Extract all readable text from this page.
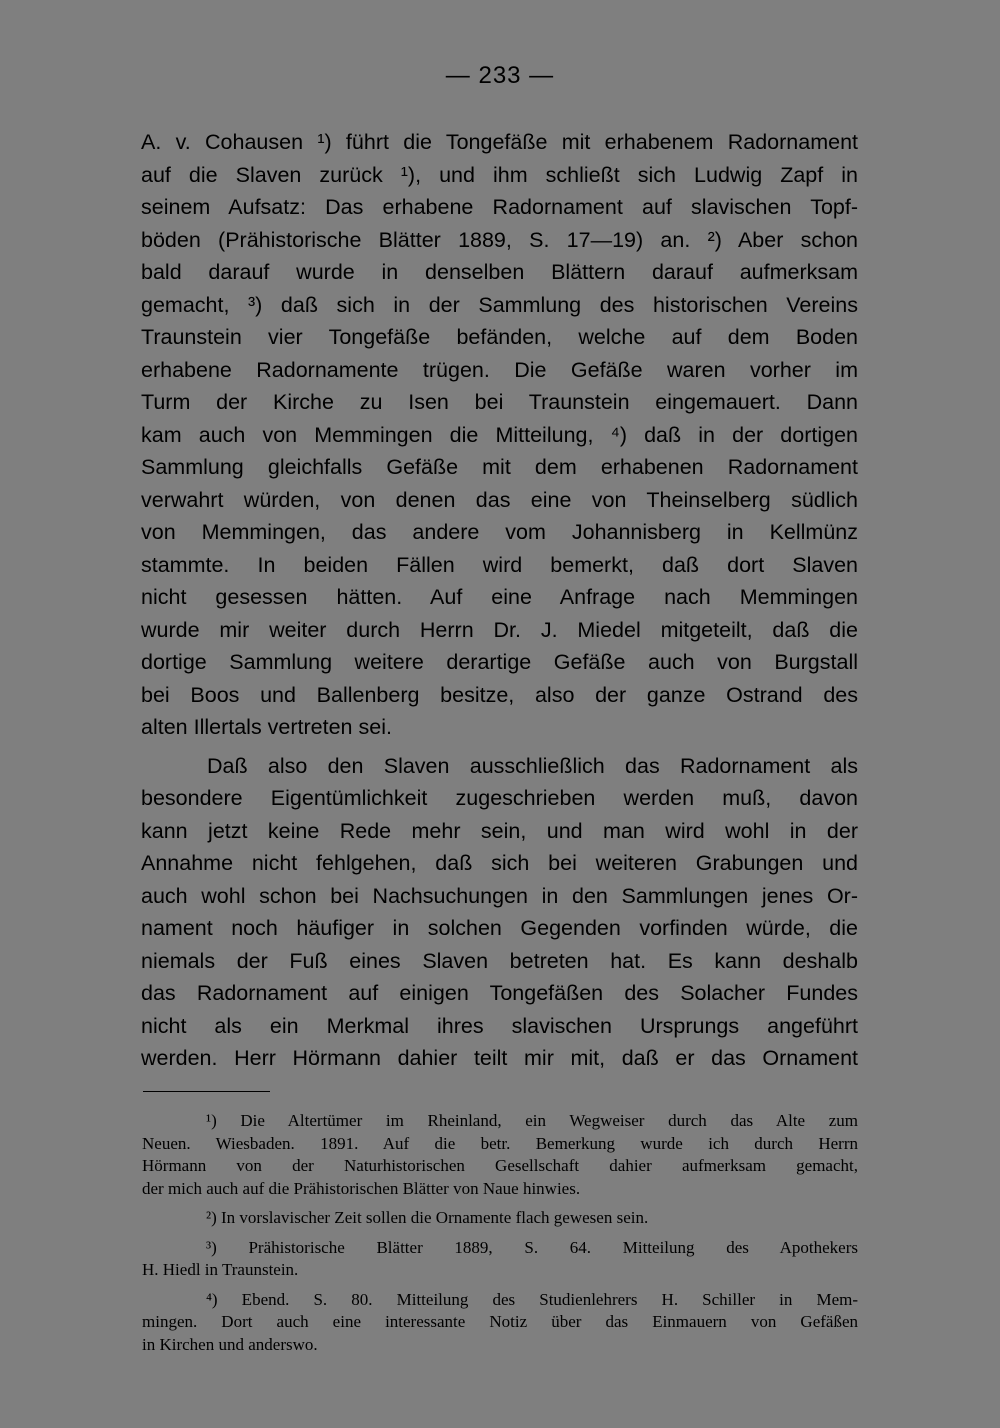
— 233 —
A. v. Cohausen ¹) führt die Tongefäße mit erhabenem Radornament
auf die Slaven zurück ¹), und ihm schließt sich Ludwig Zapf in
seinem Aufsatz: Das erhabene Radornament auf slavischen Topf-
böden (Prähistorische Blätter 1889, S. 17—19) an. ²) Aber schon
bald darauf wurde in denselben Blättern darauf aufmerksam
gemacht, ³) daß sich in der Sammlung des historischen Vereins
Traunstein vier Tongefäße befänden, welche auf dem Boden
erhabene Radornamente trügen. Die Gefäße waren vorher im
Turm der Kirche zu Isen bei Traunstein eingemauert. Dann
kam auch von Memmingen die Mitteilung, ⁴) daß in der dortigen
Sammlung gleichfalls Gefäße mit dem erhabenen Radornament
verwahrt würden, von denen das eine von Theinselberg südlich
von Memmingen, das andere vom Johannisberg in Kellmünz
stammte. In beiden Fällen wird bemerkt, daß dort Slaven
nicht gesessen hätten. Auf eine Anfrage nach Memmingen
wurde mir weiter durch Herrn Dr. J. Miedel mitgeteilt, daß die
dortige Sammlung weitere derartige Gefäße auch von Burgstall
bei Boos und Ballenberg besitze, also der ganze Ostrand des
alten Illertals vertreten sei.
Daß also den Slaven ausschließlich das Radornament als
besondere Eigentümlichkeit zugeschrieben werden muß, davon
kann jetzt keine Rede mehr sein, und man wird wohl in der
Annahme nicht fehlgehen, daß sich bei weiteren Grabungen und
auch wohl schon bei Nachsuchungen in den Sammlungen jenes Or-
nament noch häufiger in solchen Gegenden vorfinden würde, die
niemals der Fuß eines Slaven betreten hat. Es kann deshalb
das Radornament auf einigen Tongefäßen des Solacher Fundes
nicht als ein Merkmal ihres slavischen Ursprungs angeführt
werden. Herr Hörmann dahier teilt mir mit, daß er das Ornament
¹) Die Altertümer im Rheinland, ein Wegweiser durch das Alte zum
Neuen. Wiesbaden. 1891. Auf die betr. Bemerkung wurde ich durch Herrn
Hörmann von der Naturhistorischen Gesellschaft dahier aufmerksam gemacht,
der mich auch auf die Prähistorischen Blätter von Naue hinwies.
²) In vorslavischer Zeit sollen die Ornamente flach gewesen sein.
³) Prähistorische Blätter 1889, S. 64. Mitteilung des Apothekers
H. Hiedl in Traunstein.
⁴) Ebend. S. 80. Mitteilung des Studienlehrers H. Schiller in Mem-
mingen. Dort auch eine interessante Notiz über das Einmauern von Gefäßen
in Kirchen und anderswo.
